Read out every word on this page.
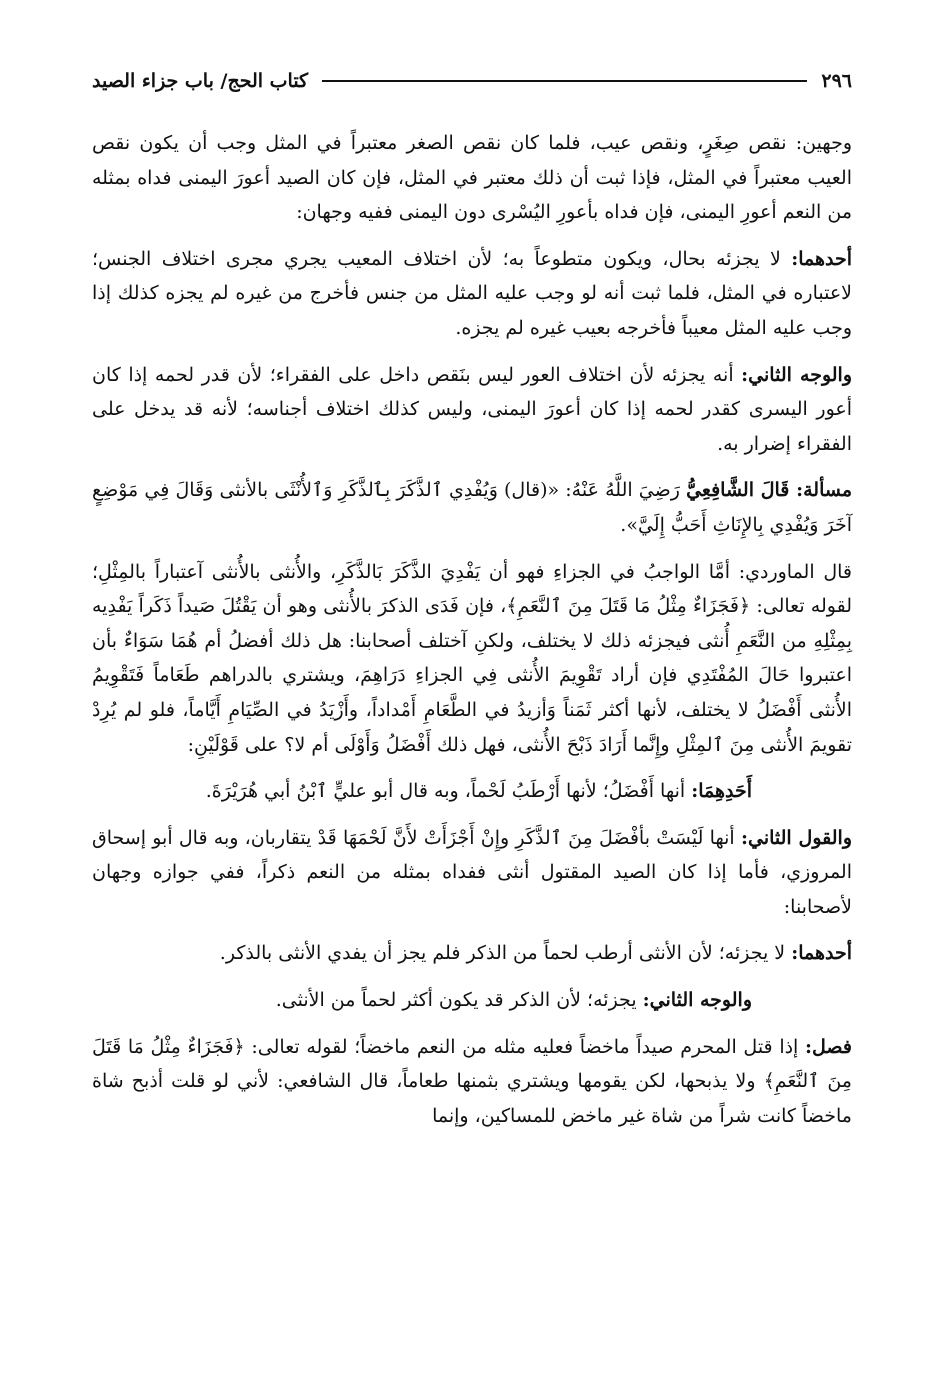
٢٩٦
كتاب الحج/ باب جزاء الصيد

وجهين: نقص صِغَرٍ، ونقص عيب، فلما كان نقص الصغر معتبراً في المثل وجب أن يكون نقص العيب معتبراً في المثل، فإذا ثبت أن ذلك معتبر في المثل، فإن كان الصيد أعورَ اليمنى فداه بمثله من النعم أعورِ اليمنى، فإن فداه بأعورِ اليُسْرى دون اليمنى ففيه وجهان:

أحدهما: لا يجزئه بحال، ويكون متطوعاً به؛ لأن اختلاف المعيب يجري مجرى اختلاف الجنس؛ لاعتباره في المثل، فلما ثبت أنه لو وجب عليه المثل من جنس فأخرج من غيره لم يجزه كذلك إذا وجب عليه المثل معيباً فأخرجه بعيب غيره لم يجزه.

والوجه الثاني: أنه يجزئه لأن اختلاف العور ليس بنَقص داخل على الفقراء؛ لأن قدر لحمه إذا كان أعور اليسرى كقدر لحمه إذا كان أعورَ اليمنى، وليس كذلك اختلاف أجناسه؛ لأنه قد يدخل على الفقراء إضرار به.

مسألة: قَالَ الشَّافِعِيُّ رَضِيَ اللَّهُ عَنْهُ: «(قال) وَيُفْدِي ٱلذَّكَرَ بِٱلذَّكَرِ وَٱلأُنْثَى بالأنثى وَقَالَ فِي مَوْضِعٍ آخَرَ وَيُفْدِي بِالإِنَاثِ أَحَبُّ إِلَيَّ».

قال الماوردي: أمَّا الواجبُ في الجزاءِ فهو أن يَفْدِيَ الذَّكَرَ بَالذَّكَرِ، والأُنثى بالأُنثى آعتباراً بالمِثْلِ؛ لقوله تعالى: ﴿فَجَزَاءٌ مِثْلُ مَا قَتَلَ مِنَ ٱلنَّعَمِ﴾، فإن فَدَى الذكرَ بالأُنثى وهو أن يَقْتُلَ صَيداً ذَكَراً يَفْدِيه بِمِثْلِهِ من النَّعَمِ أُنثى فيجزئه ذلك لا يختلف، ولكنِ آختلف أصحابنا: هل ذلك أفضلُ أم هُمَا سَوَاءٌ بأن اعتبروا حَالَ المُفْتَدِي فإن أراد تَقْوِيمَ الأُنثى فِي الجزاءِ دَرَاهِمَ، ويشتري بالدراهم طَعَاماً فَتَقْوِيمُ الأُنثى أَفْضَلُ لا يختلف، لأنها أكثر ثَمَناً وَأزيدُ في الطَّعَامِ أَمْداداً، وأَزْيَدُ في الصِّيَامِ أَيَّاماً، فلو لم يُرِدْ تقويمَ الأُنثى مِنَ ٱلمِثْلِ وإِنَّما أَرَادَ ذَبْحَ الأُنثى، فهل ذلك أَفْضَلُ وَأَوْلَى أم لا؟ على قَوْلَيْنِ:

أَحَدِهِمَا: أنها أَفْضَلُ؛ لأنها أَرْطَبُ لَحْماً، وبه قال أبو عليٍّ ٱبْنُ أبي هُرَيْرَةَ.

والقول الثاني: أنها لَيْسَتْ بأفْضَلَ مِنَ ٱلذَّكَرِ وإِنْ أَجْزَأَتْ لأَنَّ لَحْمَهَا قَدْ يتقاربان، وبه قال أبو إسحاق المروزي، فأما إذا كان الصيد المقتول أنثى ففداه بمثله من النعم ذكراً، ففي جوازه وجهان لأصحابنا:

أحدهما: لا يجزئه؛ لأن الأنثى أرطب لحماً من الذكر فلم يجز أن يفدي الأنثى بالذكر.

والوجه الثاني: يجزئه؛ لأن الذكر قد يكون أكثر لحماً من الأنثى.

فصل: إذا قتل المحرم صيداً ماخضاً فعليه مثله من النعم ماخضاً؛ لقوله تعالى: ﴿فَجَزَاءٌ مِثْلُ مَا قَتَلَ مِنَ ٱلنَّعَمِ﴾ ولا يذبحها، لكن يقومها ويشتري بثمنها طعاماً، قال الشافعي: لأني لو قلت أذبح شاة ماخضاً كانت شراً من شاة غير ماخض للمساكين، وإنما
